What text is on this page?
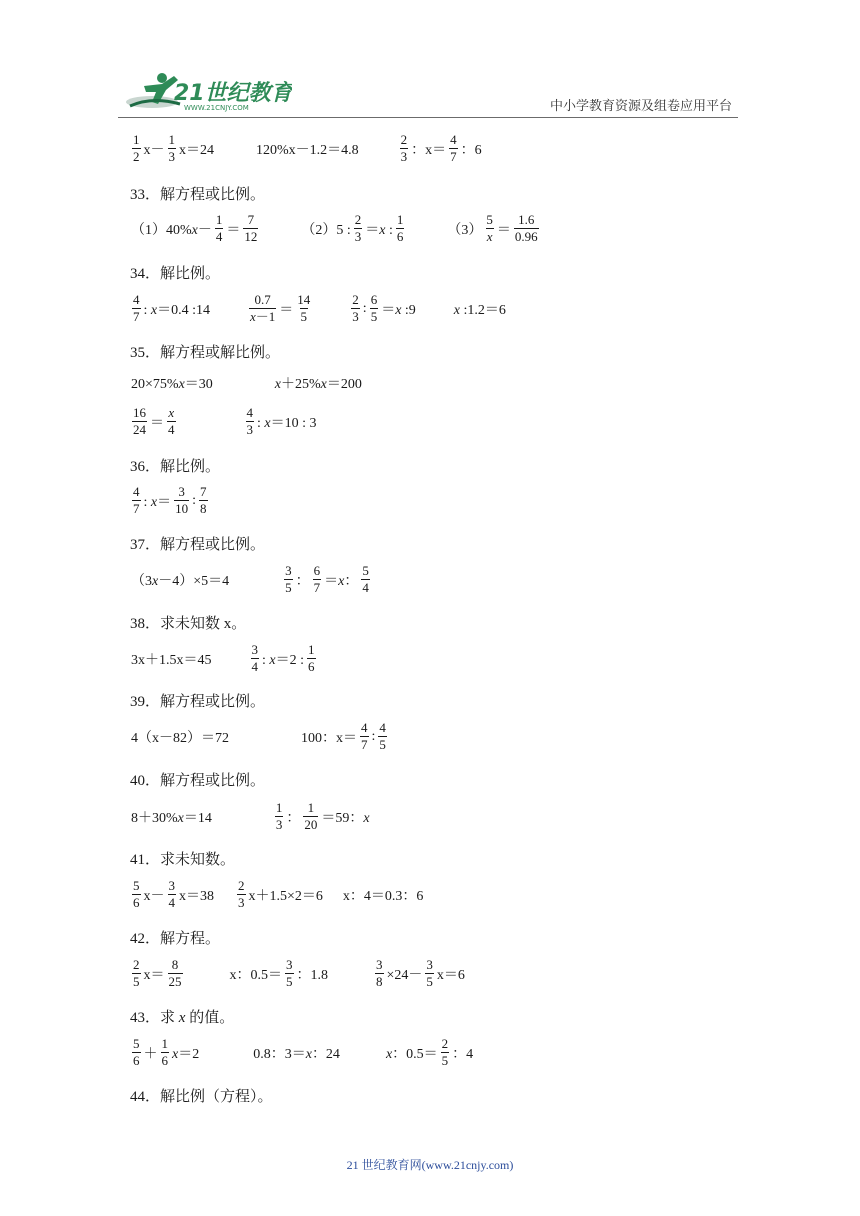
21世纪教育
WWW.21CNJY.COM	中小学教育资源及组卷应用平台
$\frac{1}{2} x- \frac{1}{3} x=24$	120%x－1.2＝4.8	$\frac{2}{3}$ ：$x= \frac{4}{7}$ ：6
33．解方程或比例。
$(1)40\%x- \frac{1}{4} = \frac{7}{12}$	（2）5 : $\frac{2}{3} =x$ : $\frac{1}{6}$	$(3) \frac{5}{x} = \frac{1.6}{0.96}$
34．解比例。
$\frac{4}{7}$ : x＝0.4 :14	$\frac{0.7}{x-1} = \frac{14}{5}$	$\frac{2}{3}$ : $\frac{6}{5} =x$ :9	x :1.2＝6
35．解方程或解比例。
20×75%x＝30	x＋25%x＝200
$\frac{16}{24} = \frac{x}{4}$	$\frac{4}{3}$ : x＝10 : 3
36．解比例。
$\frac{4}{7}$ : $x= \frac{3}{10}$ : $\frac{7}{8}$
37．解方程或比例。
（3x－4）×5＝4	$\frac{3}{5}$ ： $\frac{6}{7} =x$： $\frac{5}{4}$
38．求未知数 x。
3x＋1.5x＝45	$\frac{3}{4}$ : x＝2 : $\frac{1}{6}$
39．解方程或比例。
4（x－82）＝72	100：$x= \frac{4}{7}$ : $\frac{4}{5}$
40．解方程或比例。
8＋30%x＝14	$\frac{1}{3}$ ： $\frac{1}{20} =59$：x
41．求未知数。
$\frac{5}{6} x- \frac{3}{4} x=38 \frac{2}{3} x+1.5\times 2=6$ x：4＝0.3：6
42．解方程。
$\frac{2}{5} x= \frac{8}{25}$	x：$0.5= \frac{3}{5}$ ：1.8	$\frac{3}{8} \times 24- \frac{3}{5} x=6$
43．求 x 的值。
$\frac{5}{6} + \frac{1}{6} x=2$	0.8：3＝x：24	x：$0.5= \frac{2}{5}$ ：4
44．解比例（方程）。
21 世纪教育网(www.21cnjy.com)
